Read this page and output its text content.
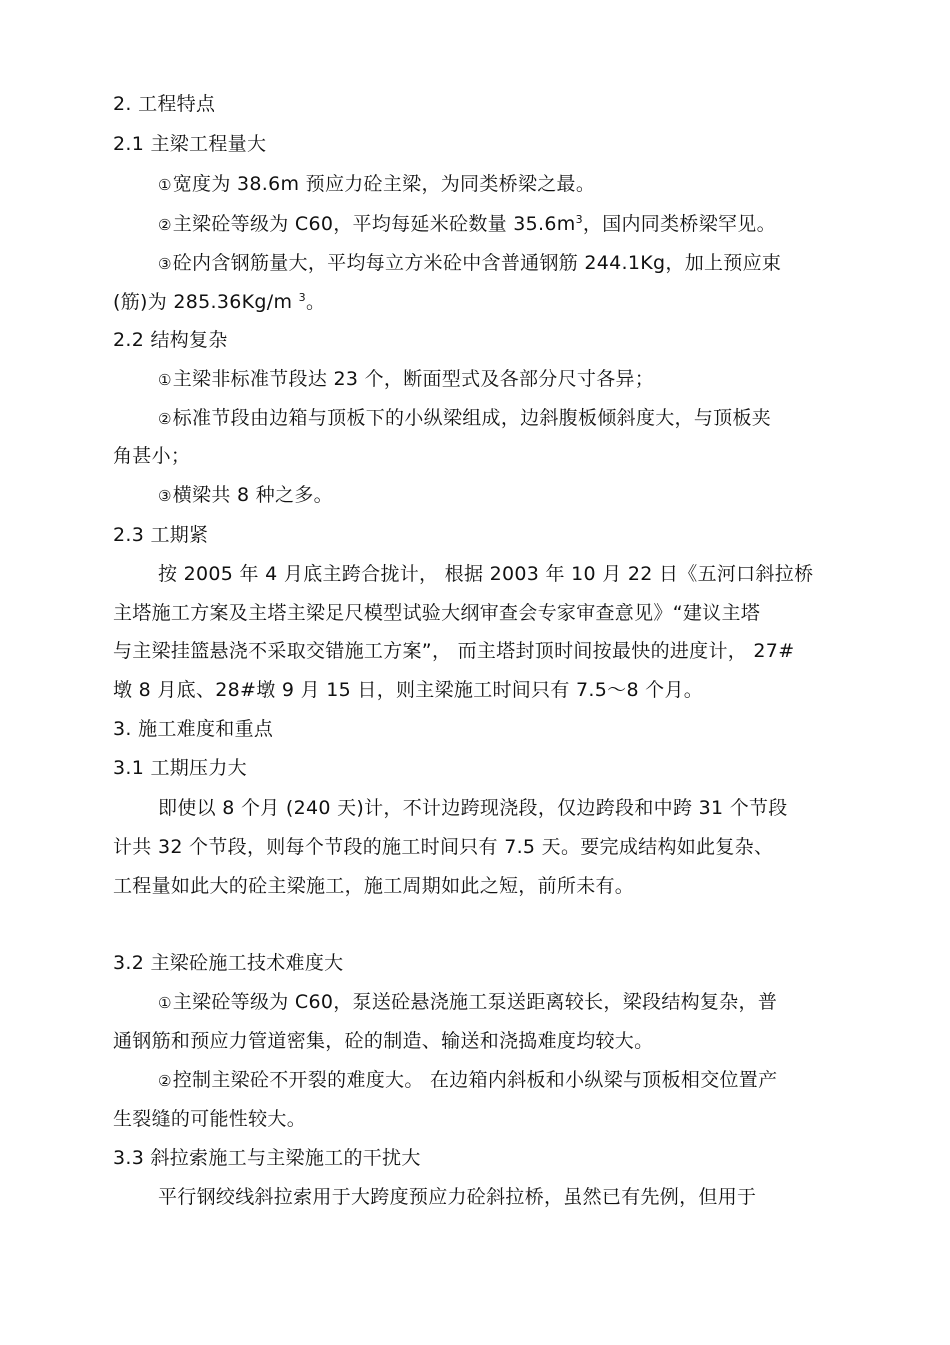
2. 工程特点
2.1 主梁工程量大
①宽度为 38.6m 预应力砼主梁，为同类桥梁之最。
②主梁砼等级为 C60，平均每延米砼数量 $35.6m^3$，国内同类桥梁罕见。
③砼内含钢筋量大，平均每立方米砼中含普通钢筋 244.1Kg，加上预应束
(筋)为 285.36Kg/m $^3$。
2.2 结构复杂
①主梁非标准节段达 23 个，断面型式及各部分尺寸各异；
②标准节段由边箱与顶板下的小纵梁组成，边斜腹板倾斜度大，与顶板夹
角甚小；
③横梁共 8 种之多。
2.3 工期紧
按 2005 年 4 月底主跨合拢计， 根据 2003 年 10 月 22 日《五河口斜拉桥
主塔施工方案及主塔主梁足尺模型试验大纲审查会专家审查意见》“建议主塔
与主梁挂篮悬浇不采取交错施工方案”， 而主塔封顶时间按最快的进度计， 27#
墩 8 月底、28#墩 9 月 15 日，则主梁施工时间只有 7.5～8 个月。
3. 施工难度和重点
3.1 工期压力大
即使以 8 个月 (240 天)计，不计边跨现浇段，仅边跨段和中跨 31 个节段
计共 32 个节段，则每个节段的施工时间只有 7.5 天。要完成结构如此复杂、
工程量如此大的砼主梁施工，施工周期如此之短，前所未有。
3.2 主梁砼施工技术难度大
①主梁砼等级为 C60，泵送砼悬浇施工泵送距离较长，梁段结构复杂，普
通钢筋和预应力管道密集，砼的制造、输送和浇捣难度均较大。
②控制主梁砼不开裂的难度大。 在边箱内斜板和小纵梁与顶板相交位置产
生裂缝的可能性较大。
3.3 斜拉索施工与主梁施工的干扰大
平行钢绞线斜拉索用于大跨度预应力砼斜拉桥，虽然已有先例，但用于
